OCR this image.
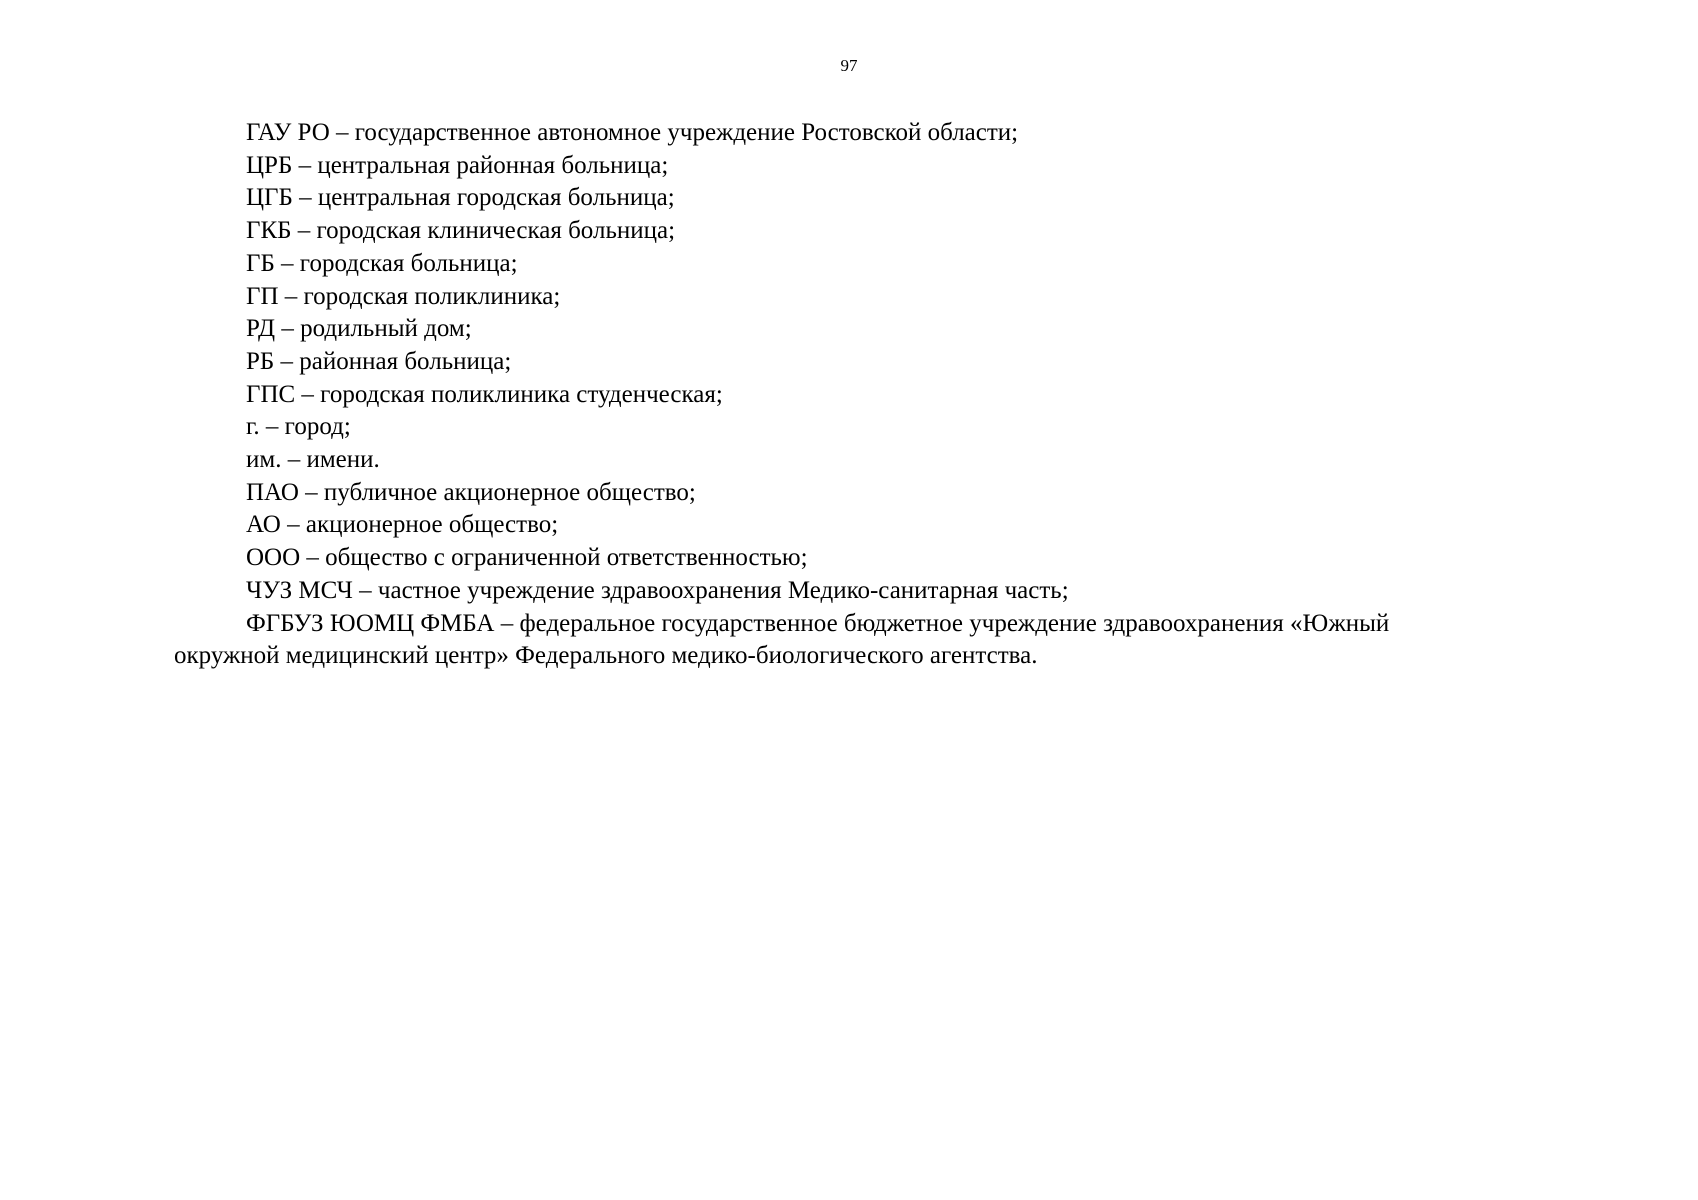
97
ГАУ РО – государственное автономное учреждение Ростовской области;
ЦРБ – центральная районная больница;
ЦГБ – центральная городская больница;
ГКБ – городская клиническая больница;
ГБ – городская больница;
ГП – городская поликлиника;
РД – родильный дом;
РБ – районная больница;
ГПС – городская поликлиника студенческая;
г. – город;
им. – имени.
ПАО – публичное акционерное общество;
АО – акционерное общество;
ООО – общество с ограниченной ответственностью;
ЧУЗ МСЧ – частное учреждение здравоохранения Медико-санитарная часть;
ФГБУЗ ЮОМЦ ФМБА – федеральное государственное бюджетное учреждение здравоохранения «Южный окружной медицинский центр» Федерального медико-биологического агентства.
